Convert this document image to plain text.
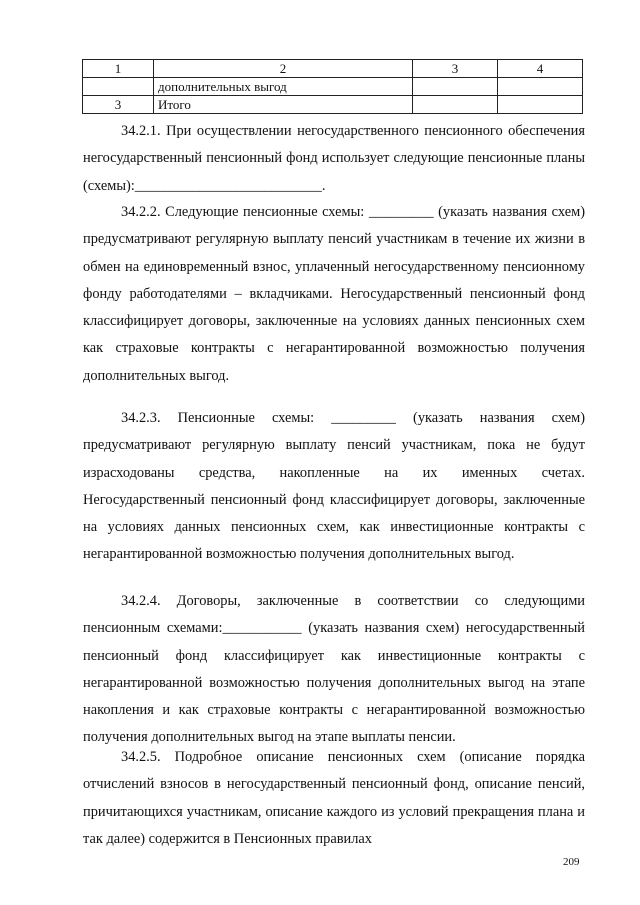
1	2	3	4
	дополнительных выгод		
3	Итого		

34.2.1. При осуществлении негосударственного пенсионного обеспечения негосударственный пенсионный фонд использует следующие пенсионные планы (схемы):__________________________.

34.2.2. Следующие пенсионные схемы: _________ (указать названия схем) предусматривают регулярную выплату пенсий участникам в течение их жизни в обмен на единовременный взнос, уплаченный негосударственному пенсионному фонду работодателями – вкладчиками. Негосударственный пенсионный фонд классифицирует договоры, заключенные на условиях данных пенсионных схем как страховые контракты с негарантированной возможностью получения дополнительных выгод.

34.2.3. Пенсионные схемы: _________ (указать названия схем) предусматривают регулярную выплату пенсий участникам, пока не будут израсходованы средства, накопленные на их именных счетах. Негосударственный пенсионный фонд классифицирует договоры, заключенные на условиях данных пенсионных схем, как инвестиционные контракты с негарантированной возможностью получения дополнительных выгод.

34.2.4. Договоры, заключенные в соответствии со следующими пенсионным схемами:___________ (указать названия схем) негосударственный пенсионный фонд классифицирует как инвестиционные контракты с негарантированной возможностью получения дополнительных выгод на этапе накопления и как страховые контракты с негарантированной возможностью получения дополнительных выгод на этапе выплаты пенсии.

34.2.5. Подробное описание пенсионных схем (описание порядка отчислений взносов в негосударственный пенсионный фонд, описание пенсий, причитающихся участникам, описание каждого из условий прекращения плана и так далее) содержится в Пенсионных правилах

209
